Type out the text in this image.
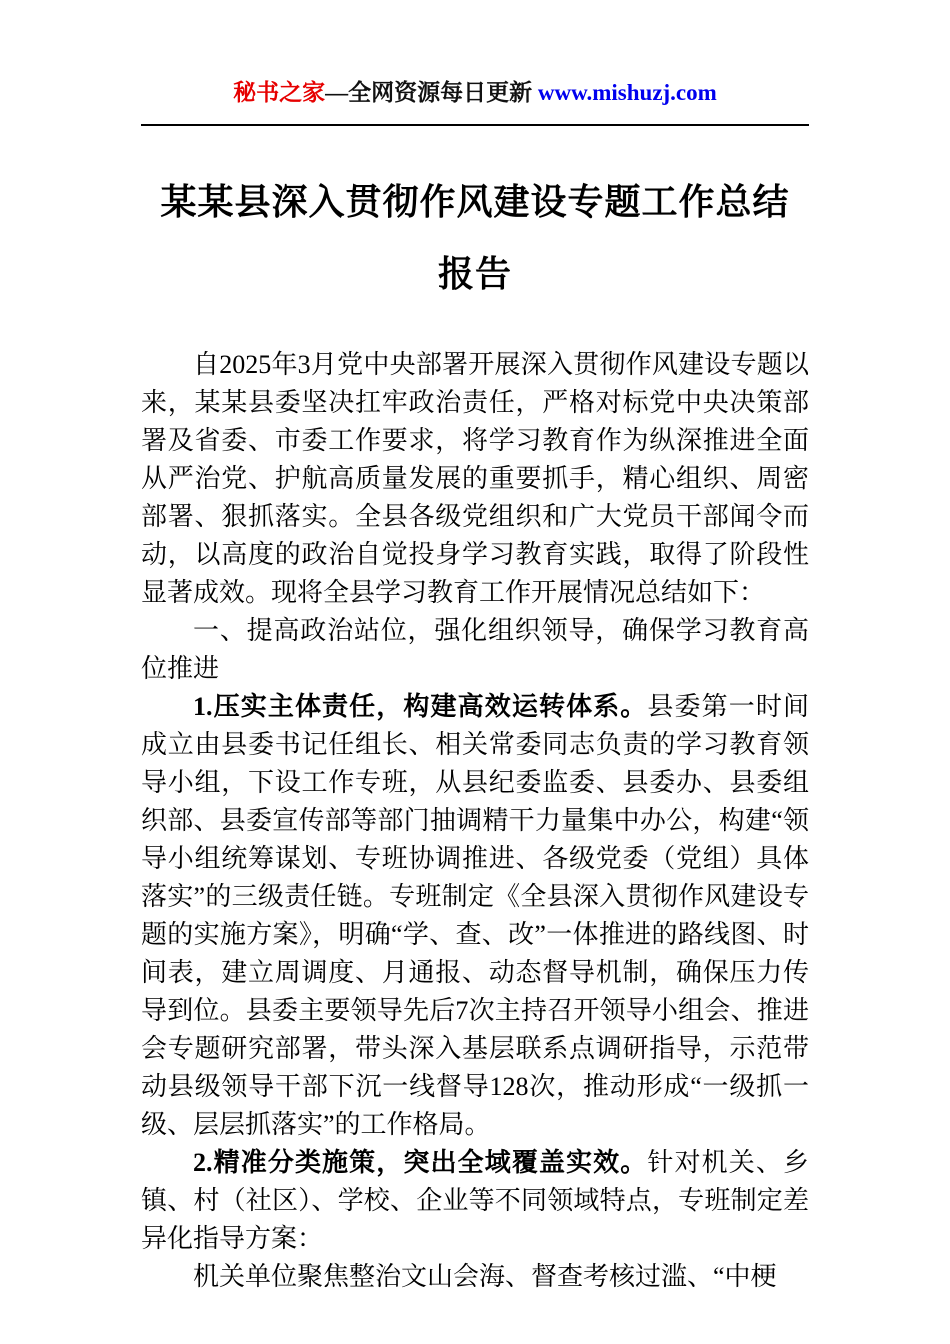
秘书之家—全网资源每日更新 www.mishuzj.com
某某县深入贯彻作风建设专题工作总结
报告

自2025年3月党中央部署开展深入贯彻作风建设专题以来，某某县委坚决扛牢政治责任，严格对标党中央决策部署及省委、市委工作要求，将学习教育作为纵深推进全面从严治党、护航高质量发展的重要抓手，精心组织、周密部署、狠抓落实。全县各级党组织和广大党员干部闻令而动，以高度的政治自觉投身学习教育实践，取得了阶段性显著成效。现将全县学习教育工作开展情况总结如下：

一、提高政治站位，强化组织领导，确保学习教育高位推进

1.压实主体责任，构建高效运转体系。县委第一时间成立由县委书记任组长、相关常委同志负责的学习教育领导小组，下设工作专班，从县纪委监委、县委办、县委组织部、县委宣传部等部门抽调精干力量集中办公，构建“领导小组统筹谋划、专班协调推进、各级党委（党组）具体落实”的三级责任链。专班制定《全县深入贯彻作风建设专题的实施方案》，明确“学、查、改”一体推进的路线图、时间表，建立周调度、月通报、动态督导机制，确保压力传导到位。县委主要领导先后7次主持召开领导小组会、推进会专题研究部署，带头深入基层联系点调研指导，示范带动县级领导干部下沉一线督导128次，推动形成“一级抓一级、层层抓落实”的工作格局。

2.精准分类施策，突出全域覆盖实效。针对机关、乡镇、村（社区）、学校、企业等不同领域特点，专班制定差异化指导方案：

机关单位聚焦整治文山会海、督查考核过滥、“中梗
